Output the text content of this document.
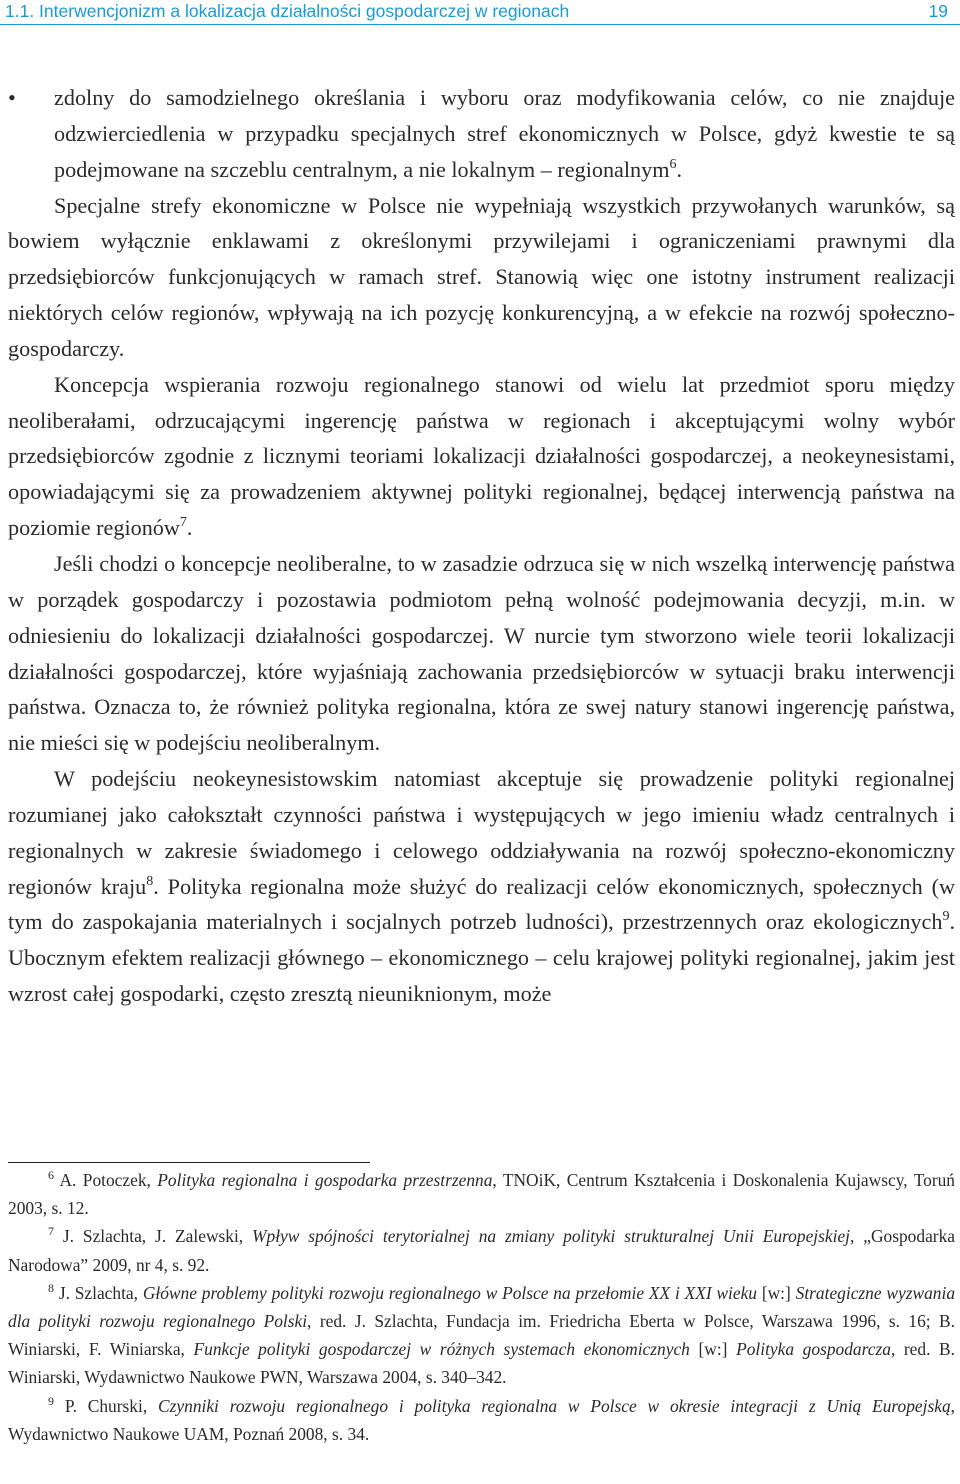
1.1. Interwencjonizm a lokalizacja działalności gospodarczej w regionach	19

• zdolny do samodzielnego określania i wyboru oraz modyfikowania celów, co nie znajduje odzwierciedlenia w przypadku specjalnych stref ekonomicznych w Polsce, gdyż kwestie te są podejmowane na szczeblu centralnym, a nie lokalnym – regionalnym$^6$.

Specjalne strefy ekonomiczne w Polsce nie wypełniają wszystkich przywołanych warunków, są bowiem wyłącznie enklawami z określonymi przywilejami i ograniczeniami prawnymi dla przedsiębiorców funkcjonujących w ramach stref. Stanowią więc one istotny instrument realizacji niektórych celów regionów, wpływają na ich pozycję konkurencyjną, a w efekcie na rozwój społeczno-gospodarczy.

Koncepcja wspierania rozwoju regionalnego stanowi od wielu lat przedmiot sporu między neoliberałami, odrzucającymi ingerencję państwa w regionach i akceptującymi wolny wybór przedsiębiorców zgodnie z licznymi teoriami lokalizacji działalności gospodarczej, a neokeynesistami, opowiadającymi się za prowadzeniem aktywnej polityki regionalnej, będącej interwencją państwa na poziomie regionów$^7$.

Jeśli chodzi o koncepcje neoliberalne, to w zasadzie odrzuca się w nich wszelką interwencję państwa w porządek gospodarczy i pozostawia podmiotom pełną wolność podejmowania decyzji, m.in. w odniesieniu do lokalizacji działalności gospodarczej. W nurcie tym stworzono wiele teorii lokalizacji działalności gospodarczej, które wyjaśniają zachowania przedsiębiorców w sytuacji braku interwencji państwa. Oznacza to, że również polityka regionalna, która ze swej natury stanowi ingerencję państwa, nie mieści się w podejściu neoliberalnym.

W podejściu neokeynesistowskim natomiast akceptuje się prowadzenie polityki regionalnej rozumianej jako całokształt czynności państwa i występujących w jego imieniu władz centralnych i regionalnych w zakresie świadomego i celowego oddziaływania na rozwój społeczno-ekonomiczny regionów kraju$^8$. Polityka regionalna może służyć do realizacji celów ekonomicznych, społecznych (w tym do zaspokajania materialnych i socjalnych potrzeb ludności), przestrzennych oraz ekologicznych$^9$. Ubocznym efektem realizacji głównego – ekonomicznego – celu krajowej polityki regionalnej, jakim jest wzrost całej gospodarki, często zresztą nieuniknionym, może

$^6$ A. Potoczek, Polityka regionalna i gospodarka przestrzenna, TNOiK, Centrum Kształcenia i Doskonalenia Kujawscy, Toruń 2003, s. 12.

$^7$ J. Szlachta, J. Zalewski, Wpływ spójności terytorialnej na zmiany polityki strukturalnej Unii Europejskiej, „Gospodarka Narodowa” 2009, nr 4, s. 92.

$^8$ J. Szlachta, Główne problemy polityki rozwoju regionalnego w Polsce na przełomie XX i XXI wieku [w:] Strategiczne wyzwania dla polityki rozwoju regionalnego Polski, red. J. Szlachta, Fundacja im. Friedricha Eberta w Polsce, Warszawa 1996, s. 16; B. Winiarski, F. Winiarska, Funkcje polityki gospodarczej w różnych systemach ekonomicznych [w:] Polityka gospodarcza, red. B. Winiarski, Wydawnictwo Naukowe PWN, Warszawa 2004, s. 340–342.

$^9$ P. Churski, Czynniki rozwoju regionalnego i polityka regionalna w Polsce w okresie integracji z Unią Europejską, Wydawnictwo Naukowe UAM, Poznań 2008, s. 34.
